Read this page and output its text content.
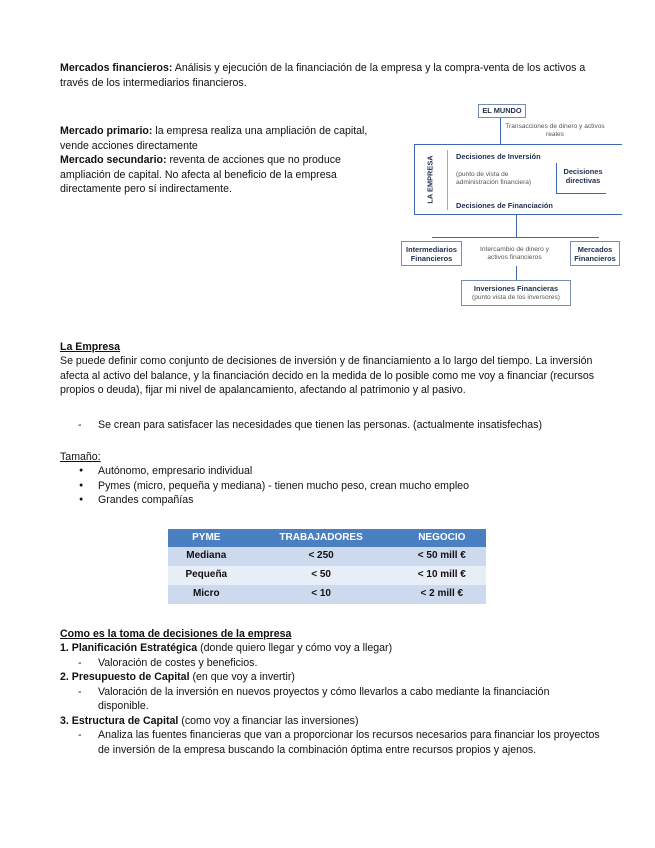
Mercados financieros: Análisis y ejecución de la financiación de la empresa y la compra-venta de los activos a través de los intermediarios financieros.

Mercado primario: la empresa realiza una ampliación de capital, vende acciones directamente
Mercado secundario: reventa de acciones que no produce ampliación de capital. No afecta al beneficio de la empresa directamente pero sí indirectamente.

EL MUNDO
Transacciones de dinero y activos reales
LA EMPRESA	Decisiones de Inversión
(punto de vista de administración financiera)
Decisiones directivas
Decisiones de Financiación
Intermediarios Financieros
Intercambio de dinero y activos financieros
Mercados Financieros
Inversiones Financieras
(punto vista de los inversores)

La Empresa

Se puede definir como conjunto de decisiones de inversión y de financiamiento a lo largo del tiempo. La inversión afecta al activo del balance, y la financiación decido en la medida de lo posible como me voy a financiar (recursos propios o deuda), fijar mi nivel de apalancamiento, afectando al patrimonio y al pasivo.

- Se crean para satisfacer las necesidades que tienen las personas. (actualmente insatisfechas)

Tamaño:

● Autónomo, empresario individual
● Pymes (micro, pequeña y mediana) - tienen mucho peso, crean mucho empleo
● Grandes compañías
PYME	TRABAJADORES	NEGOCIO
Mediana	< 250	< 50 mill €
Pequeña	< 50	< 10 mill €
Micro	< 10	< 2 mill €

Como es la toma de decisiones de la empresa

1. Planificación Estratégica (donde quiero llegar y cómo voy a llegar)

- Valoración de costes y beneficios.

2. Presupuesto de Capital (en que voy a invertir)

- Valoración de la inversión en nuevos proyectos y cómo llevarlos a cabo mediante la financiación disponible.

3. Estructura de Capital (como voy a financiar las inversiones)

- Analiza las fuentes financieras que van a proporcionar los recursos necesarios para financiar los proyectos de inversión de la empresa buscando la combinación óptima entre recursos propios y ajenos.
